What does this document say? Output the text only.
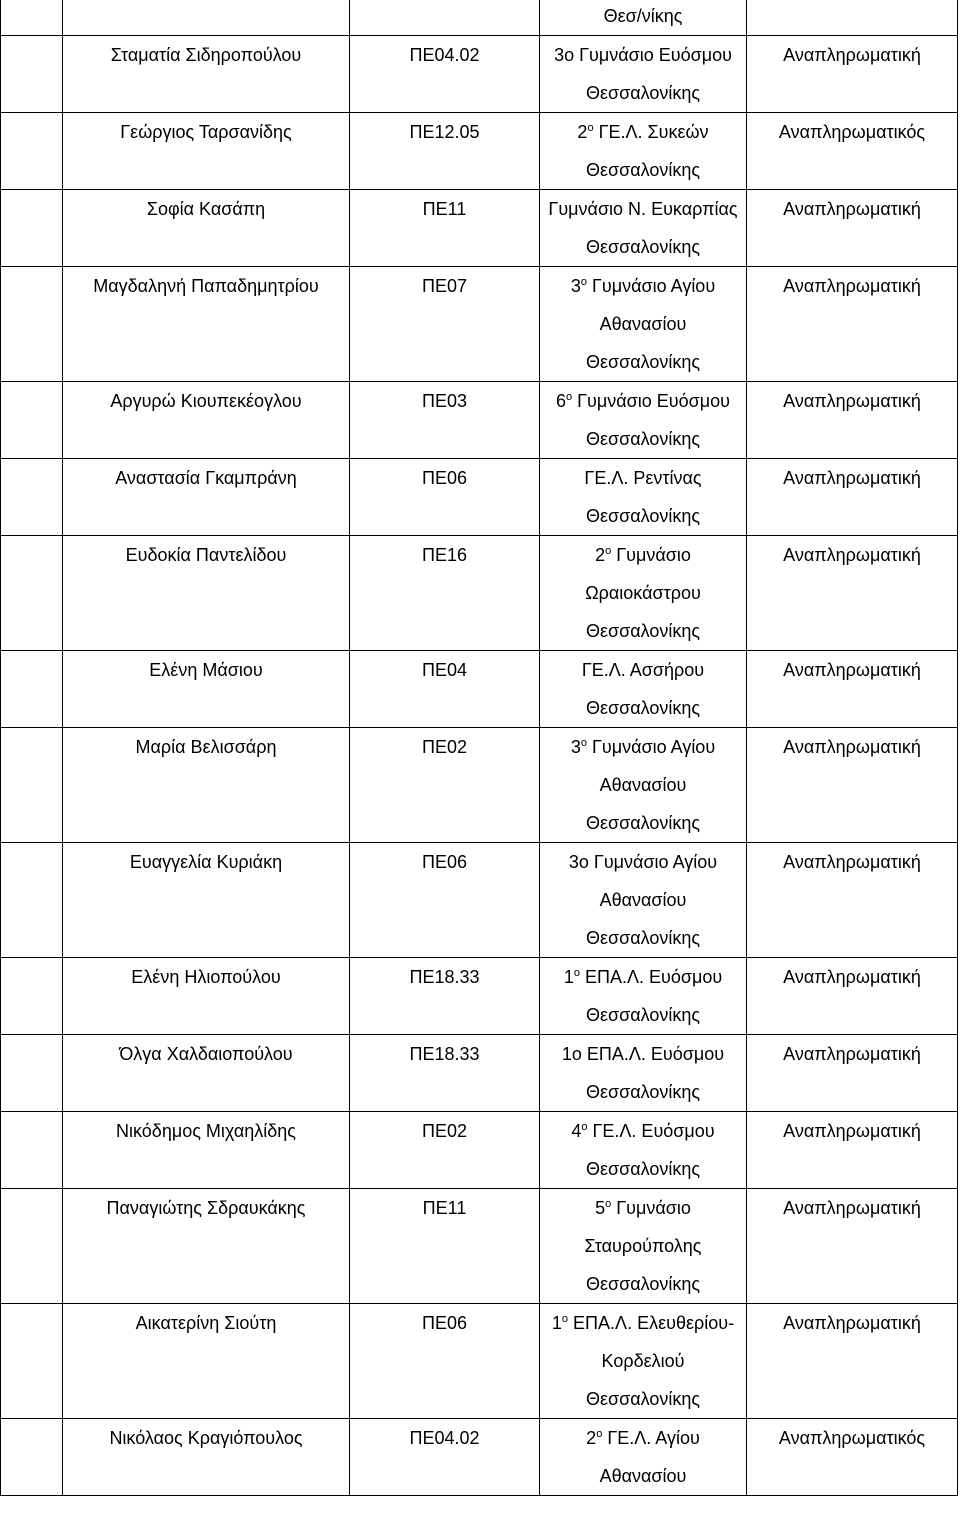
			Θεσ/νίκης	

	Σταματία Σιδηροπούλου	ΠΕ04.02	3ο Γυμνάσιο Ευόσμου
Θεσσαλονίκης	Αναπληρωματική
	Γεώργιος Ταρσανίδης	ΠΕ12.05	$2^o$ ΓΕ.Λ. Συκεών
Θεσσαλονίκης	Αναπληρωματικός
	Σοφία Κασάπη	ΠΕ11	Γυμνάσιο Ν. Ευκαρπίας
Θεσσαλονίκης	Αναπληρωματική
	Μαγδαληνή Παπαδημητρίου	ΠΕ07	$3^o$ Γυμνάσιο Αγίου
Αθανασίου
Θεσσαλονίκης	Αναπληρωματική
	Αργυρώ Κιουπεκέογλου	ΠΕ03	$6^o$ Γυμνάσιο Ευόσμου
Θεσσαλονίκης	Αναπληρωματική
	Αναστασία Γκαμπράνη	ΠΕ06	ΓΕ.Λ. Ρεντίνας
Θεσσαλονίκης	Αναπληρωματική
	Ευδοκία Παντελίδου	ΠΕ16	$2^o$ Γυμνάσιο
Ωραιοκάστρου
Θεσσαλονίκης	Αναπληρωματική
	Ελένη Μάσιου	ΠΕ04	ΓΕ.Λ. Ασσήρου
Θεσσαλονίκης	Αναπληρωματική
	Μαρία Βελισσάρη	ΠΕ02	$3^o$ Γυμνάσιο Αγίου
Αθανασίου
Θεσσαλονίκης	Αναπληρωματική
	Ευαγγελία Κυριάκη	ΠΕ06	3ο Γυμνάσιο Αγίου
Αθανασίου
Θεσσαλονίκης	Αναπληρωματική
	Ελένη Ηλιοπούλου	ΠΕ18.33	$1^o$ ΕΠΑ.Λ. Ευόσμου
Θεσσαλονίκης	Αναπληρωματική
	Όλγα Χαλδαιοπούλου	ΠΕ18.33	1ο ΕΠΑ.Λ. Ευόσμου
Θεσσαλονίκης	Αναπληρωματική
	Νικόδημος Μιχαηλίδης	ΠΕ02	$4^o$ ΓΕ.Λ. Ευόσμου
Θεσσαλονίκης	Αναπληρωματική
	Παναγιώτης Σδραυκάκης	ΠΕ11	$5^o$ Γυμνάσιο
Σταυρούπολης
Θεσσαλονίκης	Αναπληρωματική
	Αικατερίνη Σιούτη	ΠΕ06	$1^o$ ΕΠΑ.Λ. Ελευθερίου-
Κορδελιού
Θεσσαλονίκης	Αναπληρωματική
	Νικόλαος Κραγιόπουλος	ΠΕ04.02	$2^o$ ΓΕ.Λ. Αγίου
Αθανασίου	Αναπληρωματικός
